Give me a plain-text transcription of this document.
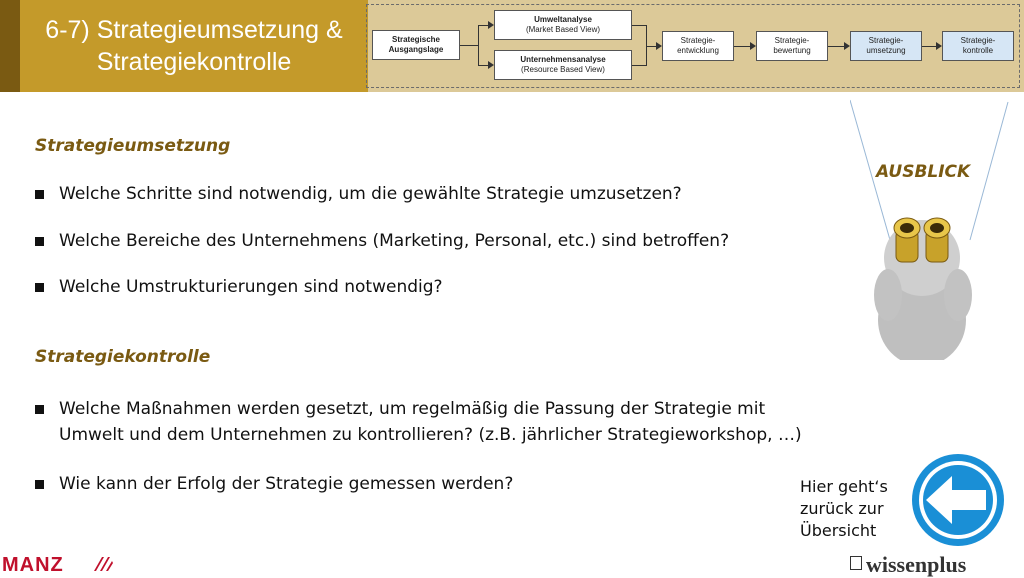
6-7) Strategieumsetzung &
Strategiekontrolle
Strategische
Ausgangslage
Umweltanalyse
(Market Based View)
Unternehmensanalyse
(Resource Based View)
Strategie-
entwicklung
Strategie-
bewertung
Strategie-
umsetzung
Strategie-
kontrolle
Strategieumsetzung
Welche Schritte sind notwendig, um die gewählte Strategie umzusetzen?
Welche Bereiche des Unternehmens (Marketing, Personal, etc.) sind betroffen?
Welche Umstrukturierungen sind notwendig?
Strategiekontrolle
Welche Maßnahmen werden gesetzt, um regelmäßig die Passung der Strategie mit
Umwelt und dem Unternehmen zu kontrollieren? (z.B. jährlicher Strategieworkshop, …)
Wie kann der Erfolg der Strategie gemessen werden?
AUSBLICK
Hier geht‘s
zurück zur
Übersicht
MANZ	wissenplus
